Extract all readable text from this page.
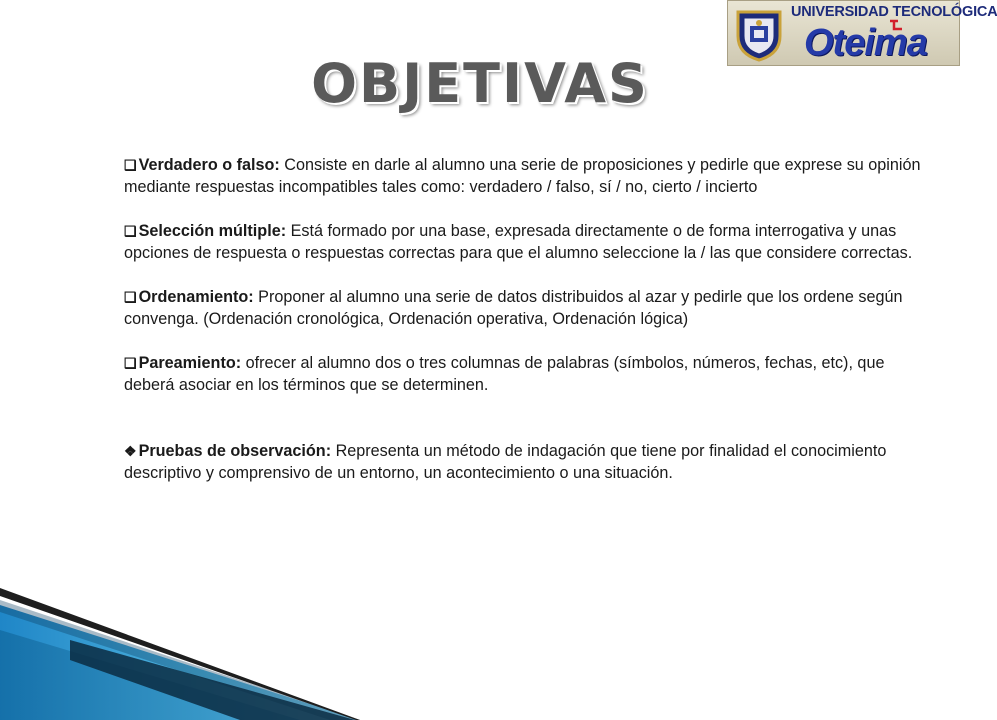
UNIVERSIDAD TECNOLÓGICA
Oteima
OBJETIVAS

❑ Verdadero o falso: Consiste en darle al alumno una serie de proposiciones y pedirle que exprese su opinión mediante respuestas incompatibles tales como: verdadero / falso, sí / no, cierto / incierto

❑ Selección múltiple: Está formado por una base, expresada directamente o de forma interrogativa y unas opciones de respuesta o respuestas correctas para que el alumno seleccione la / las que considere correctas.

❑ Ordenamiento: Proponer al alumno una serie de datos distribuidos al azar y pedirle que los ordene según convenga. (Ordenación cronológica, Ordenación operativa, Ordenación lógica)

❑ Pareamiento: ofrecer al alumno dos o tres columnas de palabras (símbolos, números, fechas, etc), que deberá asociar en los términos que se determinen.

❖ Pruebas de observación: Representa un método de indagación que tiene por finalidad el conocimiento descriptivo y comprensivo de un entorno, un acontecimiento o una situación.
